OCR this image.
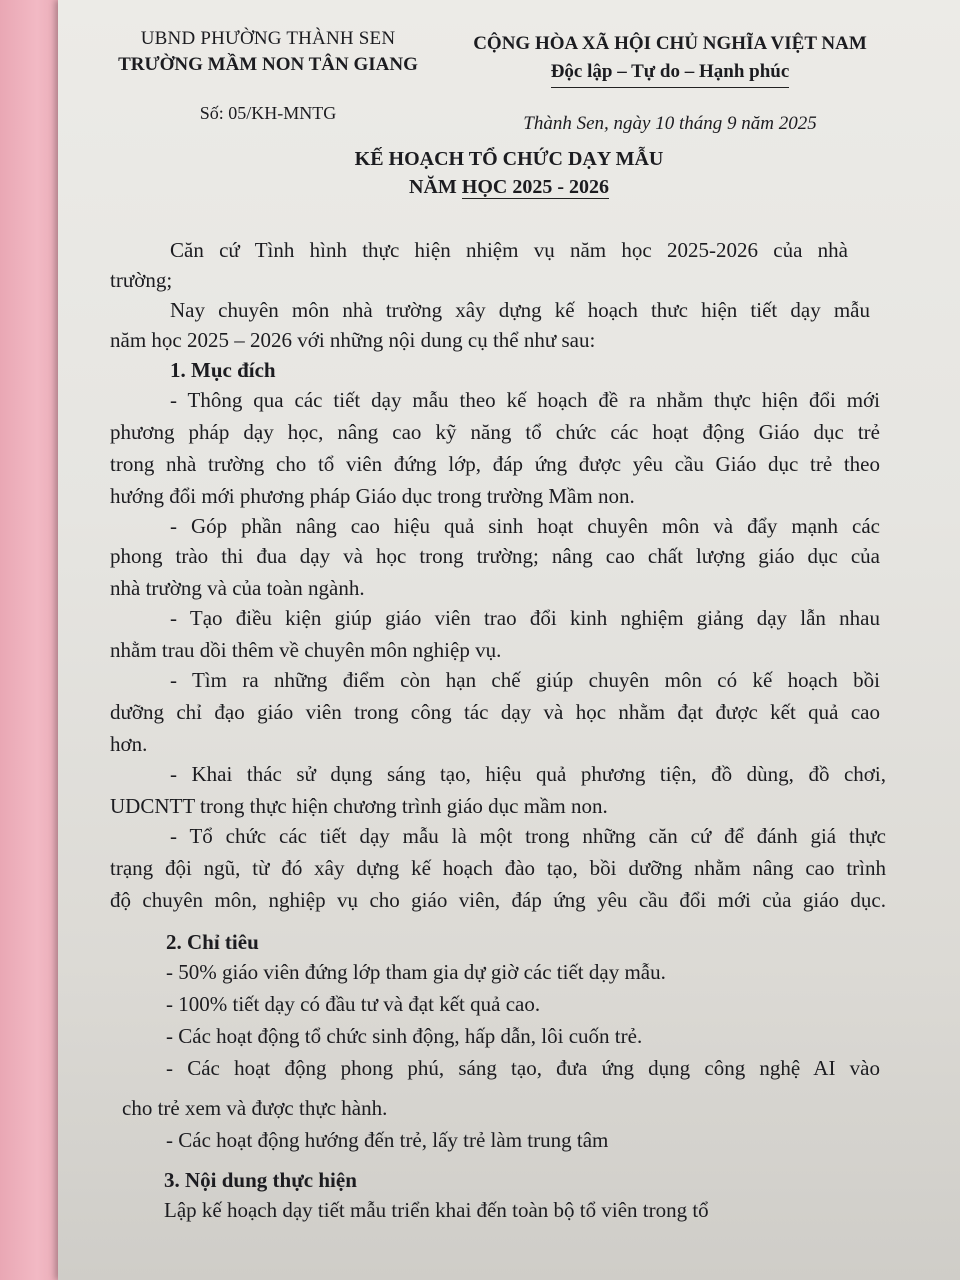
UBND PHƯỜNG THÀNH SEN
TRƯỜNG MẦM NON TÂN GIANG
Số: 05/KH-MNTG
CỘNG HÒA XÃ HỘI CHỦ NGHĨA VIỆT NAM
Độc lập – Tự do – Hạnh phúc
Thành Sen, ngày 10 tháng 9 năm 2025
KẾ HOẠCH TỔ CHỨC DẠY MẪU
NĂM HỌC 2025 - 2026
Căn cứ Tình hình thực hiện nhiệm vụ năm học 2025-2026 của nhà
trường;
Nay chuyên môn nhà trường xây dựng kế hoạch thưc hiện tiết dạy mẫu
năm học 2025 – 2026 với những nội dung cụ thể như sau:
1. Mục đích
- Thông qua các tiết dạy mẫu theo kế hoạch đề ra nhằm thực hiện đổi mới
phương pháp dạy học, nâng cao kỹ năng tổ chức các hoạt động Giáo dục trẻ
trong nhà trường cho tổ viên đứng lớp, đáp ứng được yêu cầu Giáo dục trẻ theo
hướng đổi mới phương pháp Giáo dục trong trường Mầm non.
- Góp phần nâng cao hiệu quả sinh hoạt chuyên môn và đẩy mạnh các
phong trào thi đua dạy và học trong trường; nâng cao chất lượng giáo dục của
nhà trường và của toàn ngành.
- Tạo điều kiện giúp giáo viên trao đổi kinh nghiệm giảng dạy lẫn nhau
nhằm trau dồi thêm về chuyên môn nghiệp vụ.
- Tìm ra những điểm còn hạn chế giúp chuyên môn có kế hoạch bồi
dưỡng chỉ đạo giáo viên trong công tác dạy và học nhằm đạt được kết quả cao
hơn.
- Khai thác sử dụng sáng tạo, hiệu quả phương tiện, đồ dùng, đồ chơi,
UDCNTT trong thực hiện chương trình giáo dục mầm non.
- Tổ chức các tiết dạy mẫu là một trong những căn cứ để đánh giá thực
trạng đội ngũ, từ đó xây dựng kế hoạch đào tạo, bồi dưỡng nhằm nâng cao trình
độ chuyên môn, nghiệp vụ cho giáo viên, đáp ứng yêu cầu đổi mới của giáo dục.
2. Chỉ tiêu
- 50% giáo viên đứng lớp tham gia dự giờ các tiết dạy mẫu.
- 100% tiết dạy có đầu tư và đạt kết quả cao.
- Các hoạt động tổ chức sinh động, hấp dẫn, lôi cuốn trẻ.
- Các hoạt động phong phú, sáng tạo, đưa ứng dụng công nghệ AI vào
cho trẻ xem và được thực hành.
- Các hoạt động hướng đến trẻ, lấy trẻ làm trung tâm
3. Nội dung thực hiện
Lập kế hoạch dạy tiết mẫu triển khai đến toàn bộ tổ viên trong tổ
